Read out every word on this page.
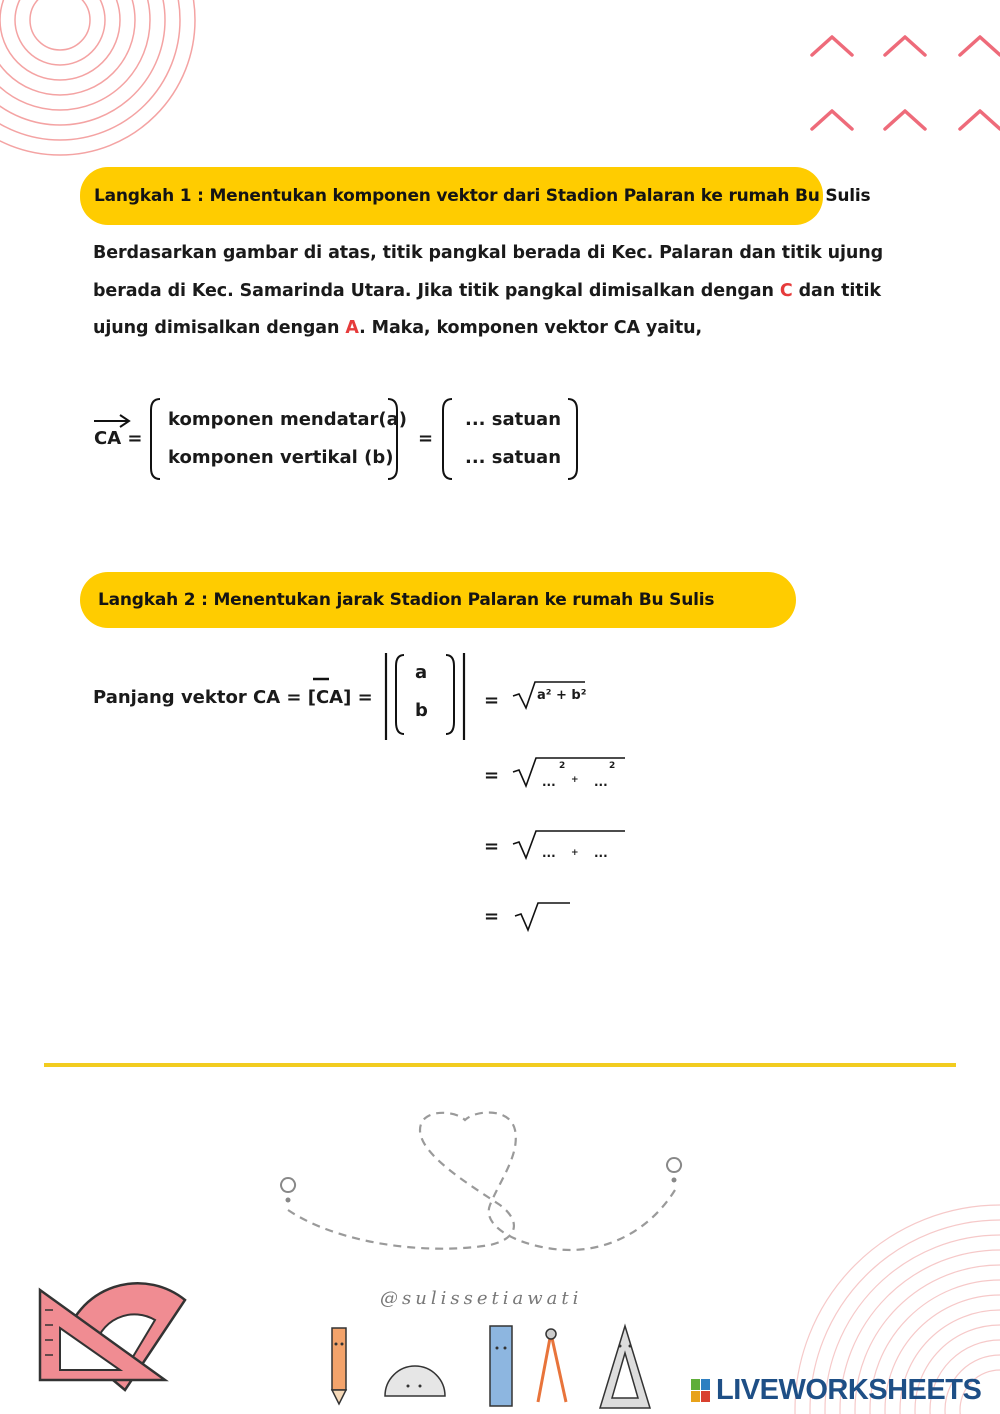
Langkah 1 : Menentukan komponen vektor dari Stadion Palaran ke rumah Bu Sulis
Berdasarkan gambar di atas, titik pangkal berada di Kec. Palaran dan titik ujung berada di Kec. Samarinda Utara. Jika titik pangkal dimisalkan dengan C dan titik ujung dimisalkan dengan A. Maka, komponen vektor CA yaitu,
CA =
komponen mendatar(a)
komponen vertikal (b)
=
... satuan
... satuan
Langkah 2 : Menentukan jarak Stadion Palaran ke rumah Bu Sulis
Panjang vektor CA = [CA] =
a
b	=	a² + b²
=	...
2
+ ...
2
=	... + ...
=
@sulissetiawati
LIVEWORKSHEETS
